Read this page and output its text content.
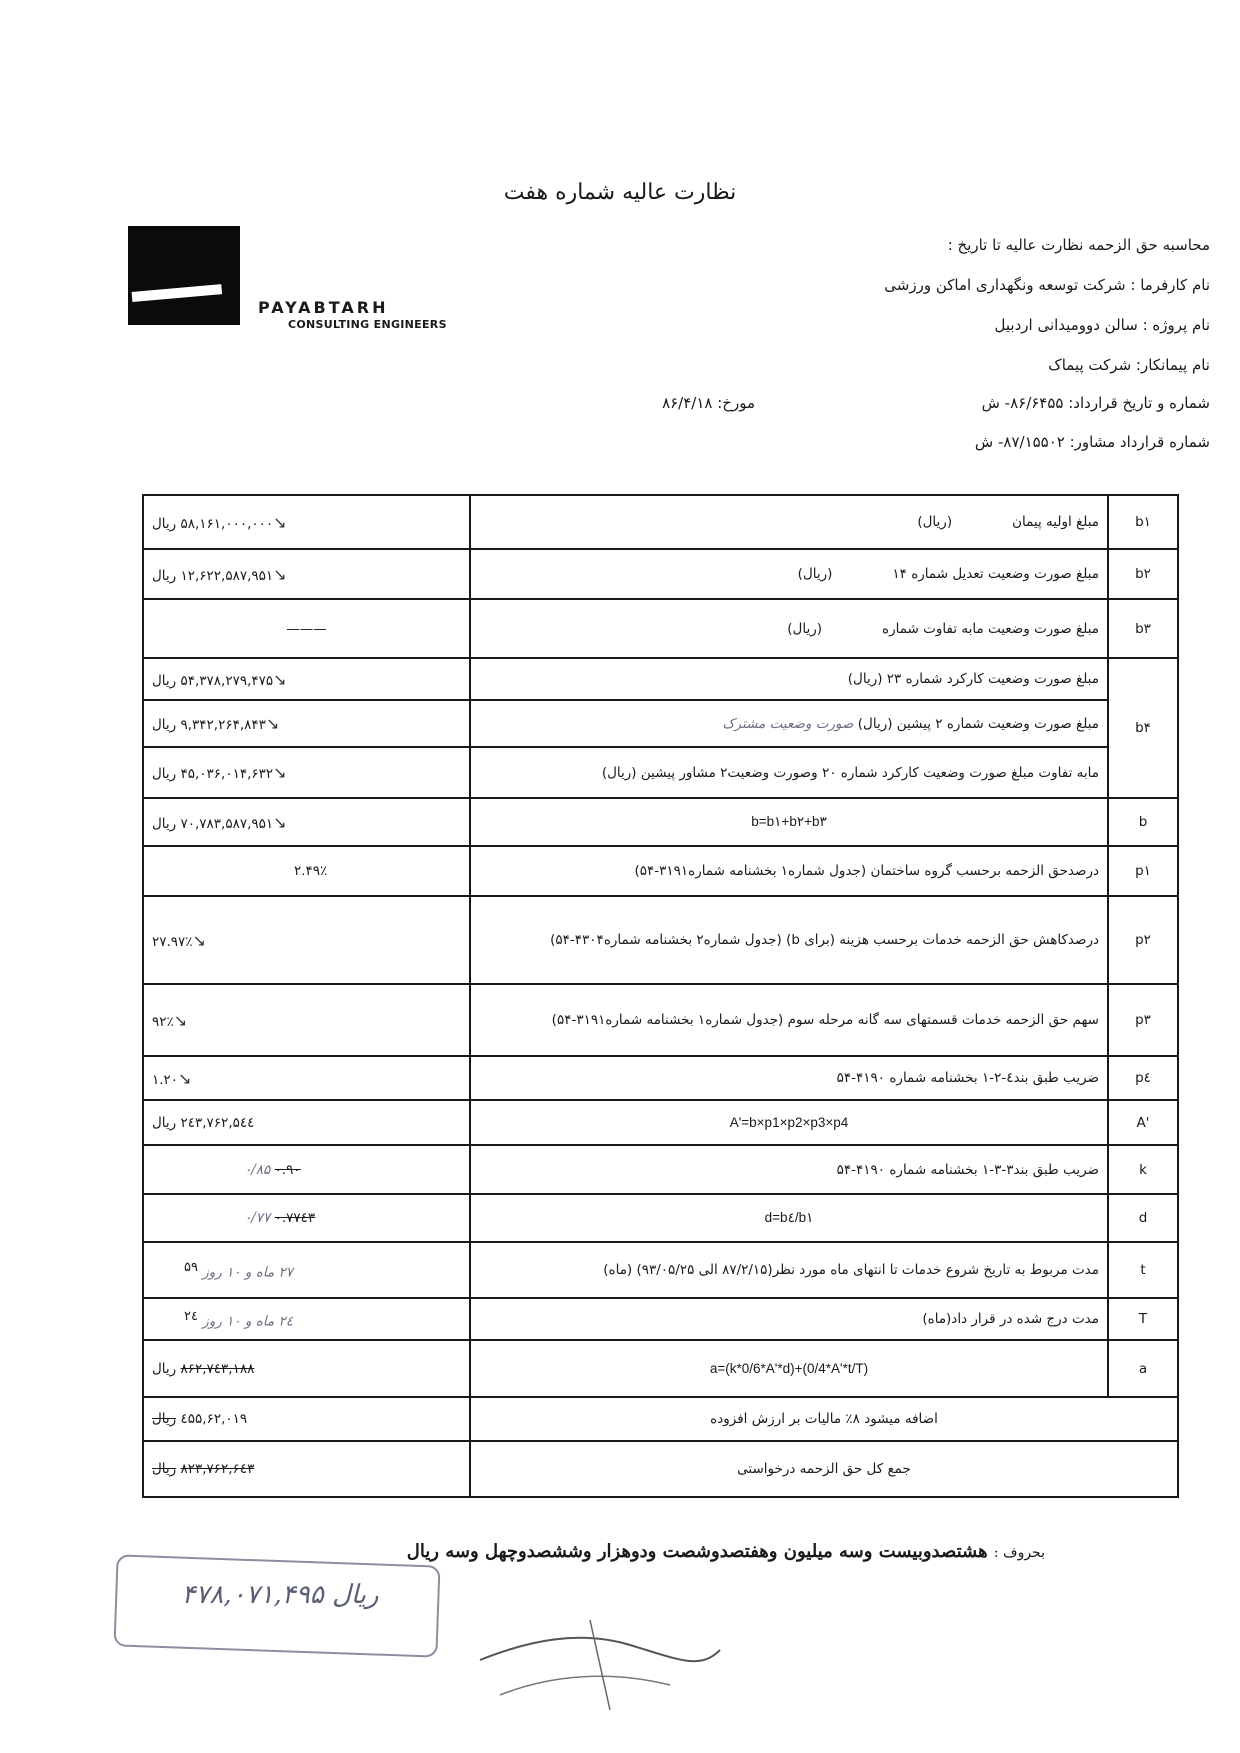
نظارت عالیه شماره هفت
PAYABTARH
CONSULTING ENGINEERS
محاسبه حق الزحمه نظارت عالیه تا تاریخ :
نام کارفرما : شرکت توسعه ونگهداری اماکن ورزشی
نام پروژه : سالن دوومیدانی اردبیل
نام پیمانکار: شرکت پیماک
شماره و تاریخ قرارداد: ۸۶/۶۴۵۵- ش
مورخ: ۸۶/۴/۱۸
شماره قرارداد مشاور: ۸۷/۱۵۵۰۲- ش
↘۵۸,۱۶۱,۰۰۰,۰۰۰ ریال	مبلغ اولیه پیمان(ریال)	b۱
↘۱۲,۶۲۲,۵۸۷,۹۵۱ ریال	مبلغ صورت وضعیت تعدیل شماره ۱۴(ریال)	b۲
———	مبلغ صورت وضعیت مابه تفاوت شماره(ریال)	b۳
↘۵۴,۳۷۸,۲۷۹,۴۷۵ ریال	مبلغ صورت وضعیت کارکرد شماره ۲۳ (ریال)	b۴
↘۹,۳۴۲,۲۶۴,۸۴۳ ریال	مبلغ صورت وضعیت شماره ۲ پیشین (ریال) صورت وضعیت مشترک	
↘۴۵,۰۳۶,۰۱۴,۶۳۲ ریال	مابه تفاوت مبلغ صورت وضعیت کارکرد شماره ۲۰ وصورت وضعیت۲ مشاور پیشین (ریال)	
↘۷۰,۷۸۳,۵۸۷,۹۵۱ ریال	b=b۱+b۲+b۳	b
۲.۴۹٪	درصدحق الزحمه برحسب گروه ساختمان (جدول شماره۱ بخشنامه شماره۳۱۹۱-۵۴)	p۱
↘۲۷.۹۷٪	درصدکاهش حق الزحمه خدمات برحسب هزینه (برای b) (جدول شماره۲ بخشنامه شماره۴۳۰۴-۵۴)	p۲
↘۹۲٪	سهم حق الزحمه خدمات قسمتهای سه گانه مرحله سوم (جدول شماره۱ بخشنامه شماره۳۱۹۱-۵۴)	p۳
↘۱.۲۰	ضریب طبق بند٤-۲-۱ بخشنامه شماره ۴۱۹۰-۵۴	p٤
۵٤٤,۲٤۳,۷۶۲ ریال	A'=b×p1×p2×p3×p4	A'
۰.۹۰ ۰/۸۵	ضریب طبق بند۳-۳-۱ بخشنامه شماره ۴۱۹۰-۵۴	k
۰.۷۷٤۳ ۰/۷۷	d=b٤/b۱	d
۲۷ ماه و ۱۰ روز $^{۵۹}$	مدت مربوط به تاریخ شروع خدمات تا انتهای ماه مورد نظر(۸۷/۲/۱۵ الی ۹۳/۰۵/۲۵) (ماه)	t
۲٤ ماه و ۱۰ روز $^{۲٤}$	مدت درج شده در قرار داد(ماه)	T
۸۶۲,۷٤۳,۱۸۸ ریال	a=(k*0/6*A'*d)+(0/4*A'*t/T)	a
۶۲,۰۱۹,٤۵۵ ریال	اضافه میشود ۸٪ مالیات بر ارزش افزوده	
۸۲۳,۷۶۲,۶٤۳ ریال	جمع کل حق الزحمه درخواستی	
بحروف : هشتصدوبیست وسه میلیون وهفتصدوشصت ودوهزار وششصدوچهل وسه ریال
۴۷۸,۰۷۱,۴۹۵ ریال
